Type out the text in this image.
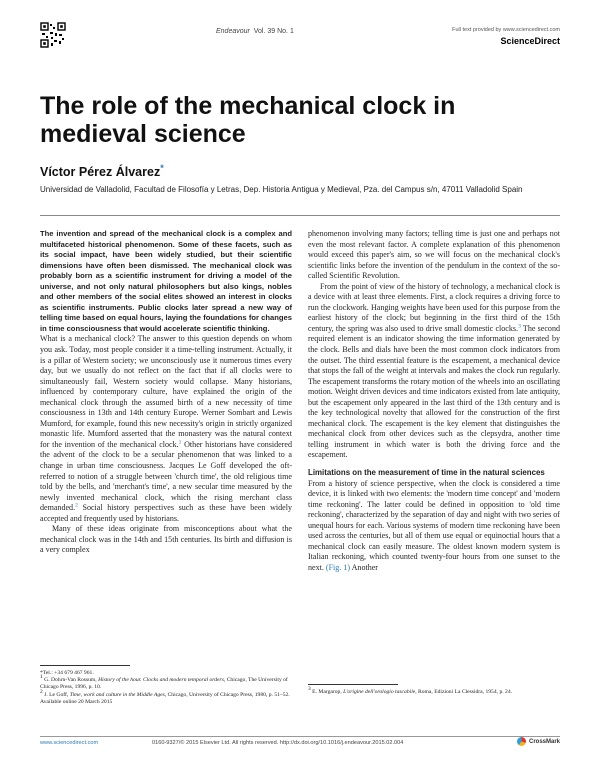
Endeavour Vol. 39 No. 1	Full text provided by www.sciencedirect.com
ScienceDirect
The role of the mechanical clock in medieval science
Víctor Pérez Álvarez*
Universidad de Valladolid, Facultad de Filosofía y Letras, Dep. Historia Antigua y Medieval, Pza. del Campus s/n, 47011 Valladolid Spain

The invention and spread of the mechanical clock is a complex and multifaceted historical phenomenon. Some of these facets, such as its social impact, have been widely studied, but their scientific dimensions have often been dismissed. The mechanical clock was probably born as a scientific instrument for driving a model of the universe, and not only natural philosophers but also kings, nobles and other members of the social elites showed an interest in clocks as scientific instruments. Public clocks later spread a new way of telling time based on equal hours, laying the foundations for changes in time consciousness that would accelerate scientific thinking.

What is a mechanical clock? The answer to this question depends on whom you ask. Today, most people consider it a time-telling instrument. Actually, it is a pillar of Western society; we unconsciously use it numerous times every day, but we usually do not reflect on the fact that if all clocks were to simultaneously fail, Western society would collapse. Many historians, influenced by contemporary culture, have explained the origin of the mechanical clock through the assumed birth of a new necessity of time consciousness in 13th and 14th century Europe. Werner Sombart and Lewis Mumford, for example, found this new necessity's origin in strictly organized monastic life. Mumford asserted that the monastery was the natural context for the invention of the mechanical clock.$^1$ Other historians have considered the advent of the clock to be a secular phenomenon that was linked to a change in urban time consciousness. Jacques Le Goff developed the oft- referred to notion of a struggle between 'church time', the old religious time told by the bells, and 'merchant's time', a new secular time measured by the newly invented mechanical clock, which the rising merchant class demanded.$^2$ Social history perspectives such as these have been widely accepted and frequently used by historians.

Many of these ideas originate from misconceptions about what the mechanical clock was in the 14th and 15th centuries. Its birth and diffusion is a very complex

*Tel.: +34 679 467 961.
1 G. Dohrn-Van Rossum, History of the hour. Clocks and modern temporal orders, Chicago, The University of Chicago Press, 1996, p. 10.
2 J. Le Goff, Time, work and culture in the Middle Ages, Chicago, University of Chicago Press, 1980, p. 51–52.
Available online 20 March 2015

phenomenon involving many factors; telling time is just one and perhaps not even the most relevant factor. A complete explanation of this phenomenon would exceed this paper's aim, so we will focus on the mechanical clock's scientific links before the invention of the pendulum in the context of the so-called Scientific Revolution.

From the point of view of the history of technology, a mechanical clock is a device with at least three elements. First, a clock requires a driving force to run the clockwork. Hanging weights have been used for this purpose from the earliest history of the clock; but beginning in the first third of the 15th century, the spring was also used to drive small domestic clocks.$^3$ The second required element is an indicator showing the time information generated by the clock. Bells and dials have been the most common clock indicators from the outset. The third essential feature is the escapement, a mechanical device that stops the fall of the weight at intervals and makes the clock run regularly. The escapement transforms the rotary motion of the wheels into an oscillating motion. Weight driven devices and time indicators existed from late antiquity, but the escapement only appeared in the last third of the 13th century and is the key technological novelty that allowed for the construction of the first mechanical clock. The escapement is the key element that distinguishes the mechanical clock from other devices such as the clepsydra, another time telling instrument in which water is both the driving force and the escapement.

Limitations on the measurement of time in the natural sciences

From a history of science perspective, when the clock is considered a time device, it is linked with two elements: the 'modern time concept' and 'modern time reckoning'. The latter could be defined in opposition to 'old time reckoning', characterized by the separation of day and night with two series of unequal hours for each. Various systems of modern time reckoning have been used across the centuries, but all of them use equal or equinoctial hours that a mechanical clock can easily measure. The oldest known modern system is Italian reckoning, which counted twenty-four hours from one sunset to the next. (Fig. 1) Another

3 E. Margarop, L'origine dell'orologio tascabile, Roma, Edizioni La Clessidra, 1954, p. 24.
www.sciencedirect.com	0160-9327/© 2015 Elsevier Ltd. All rights reserved. http://dx.doi.org/10.1016/j.endeavour.2015.02.004	CrossMark
